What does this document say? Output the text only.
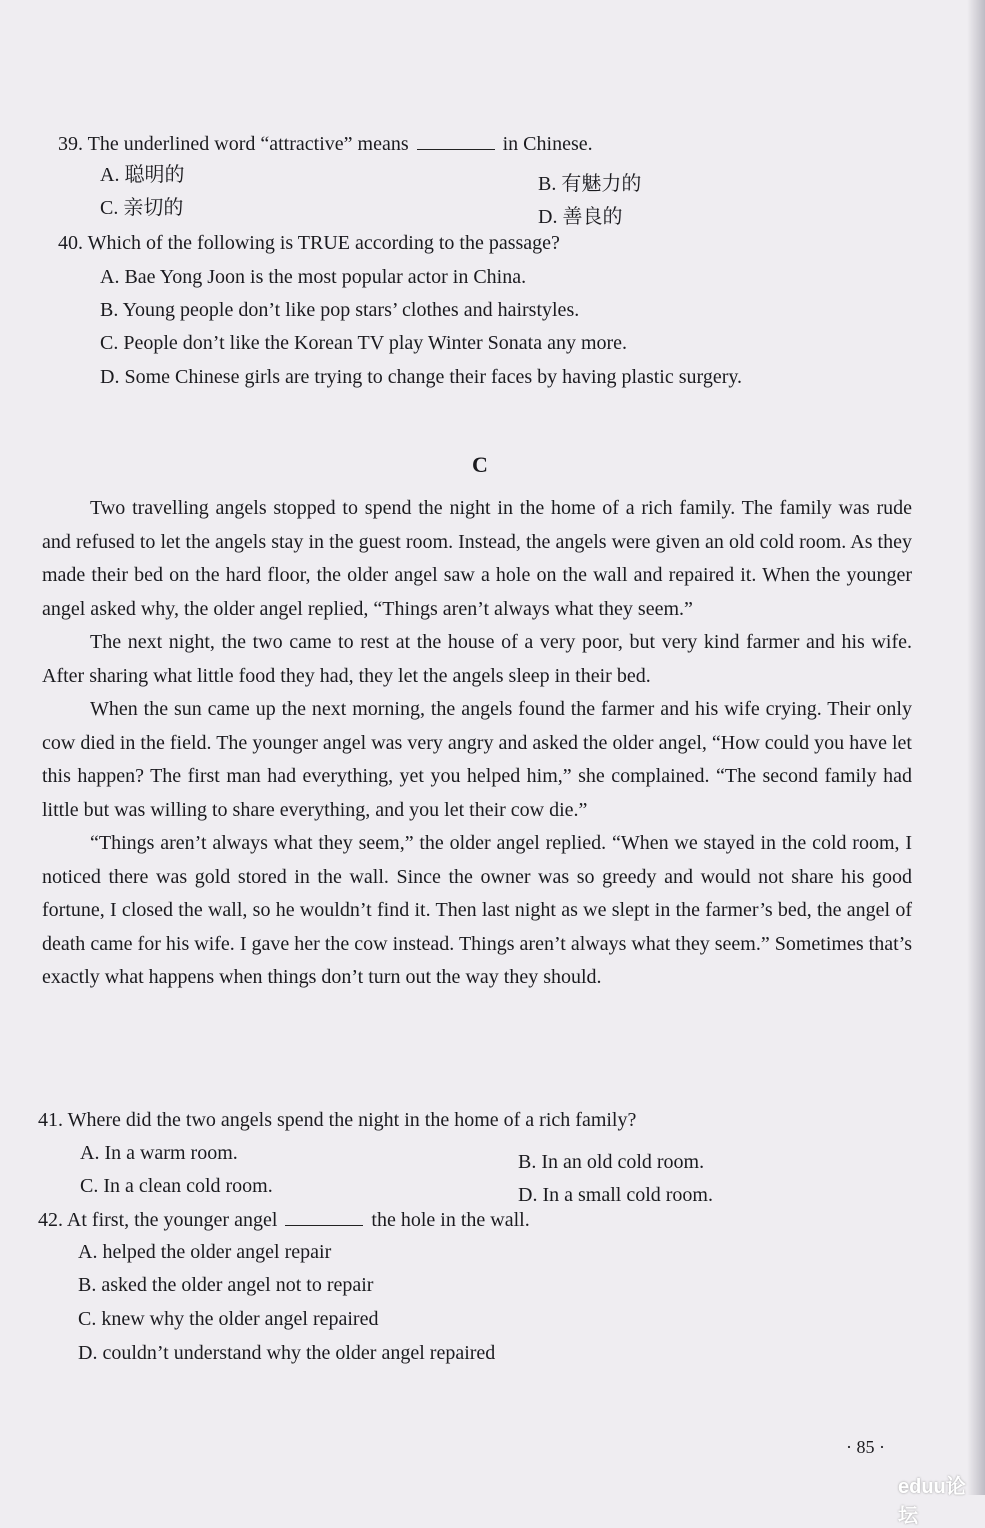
39. The underlined word “attractive” means	in Chinese.
A. 聪明的	B. 有魅力的
C. 亲切的	D. 善良的
40. Which of the following is TRUE according to the passage?
A. Bae Yong Joon is the most popular actor in China.
B. Young people don’t like pop stars’ clothes and hairstyles.
C. People don’t like the Korean TV play Winter Sonata any more.
D. Some Chinese girls are trying to change their faces by having plastic surgery.
C

Two travelling angels stopped to spend the night in the home of a rich family. The family was rude and refused to let the angels stay in the guest room. Instead, the angels were given an old cold room. As they made their bed on the hard floor, the older angel saw a hole on the wall and repaired it. When the younger angel asked why, the older angel replied, “Things aren’t always what they seem.”

The next night, the two came to rest at the house of a very poor, but very kind farmer and his wife. After sharing what little food they had, they let the angels sleep in their bed.

When the sun came up the next morning, the angels found the farmer and his wife crying. Their only cow died in the field. The younger angel was very angry and asked the older angel, “How could you have let this happen? The first man had everything, yet you helped him,” she complained. “The second family had little but was willing to share everything, and you let their cow die.”

“Things aren’t always what they seem,” the older angel replied. “When we stayed in the cold room, I noticed there was gold stored in the wall. Since the owner was so greedy and would not share his good fortune, I closed the wall, so he wouldn’t find it. Then last night as we slept in the farmer’s bed, the angel of death came for his wife. I gave her the cow instead. Things aren’t always what they seem.” Sometimes that’s exactly what happens when things don’t turn out the way they should.

41. Where did the two angels spend the night in the home of a rich family?
A. In a warm room.	B. In an old cold room.
C. In a clean cold room.	D. In a small cold room.
42. At first, the younger angel	the hole in the wall.
A. helped the older angel repair
B. asked the older angel not to repair
C. knew why the older angel repaired
D. couldn’t understand why the older angel repaired
· 85 ·
eduu论坛
